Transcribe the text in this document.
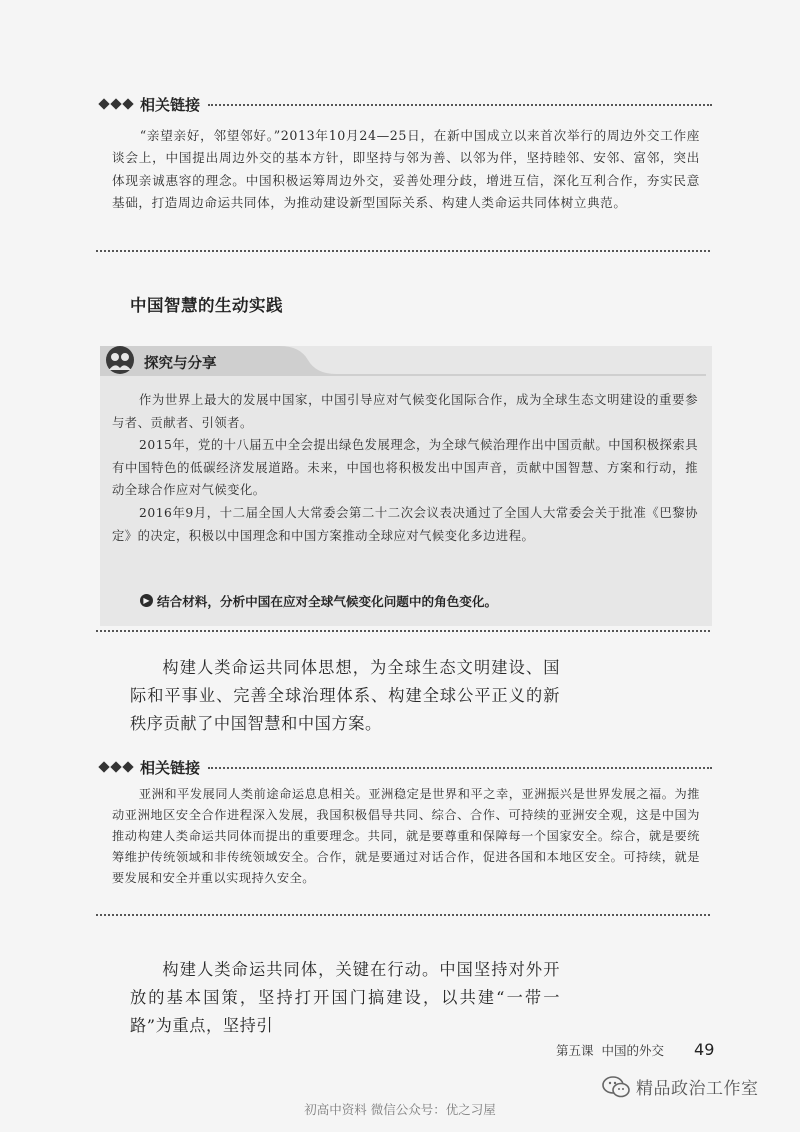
相关链接

“亲望亲好，邻望邻好。”2013年10月24—25日，在新中国成立以来首次举行的周边外交工作座谈会上，中国提出周边外交的基本方针，即坚持与邻为善、以邻为伴，坚持睦邻、安邻、富邻，突出体现亲诚惠容的理念。中国积极运筹周边外交，妥善处理分歧，增进互信，深化互利合作，夯实民意基础，打造周边命运共同体，为推动建设新型国际关系、构建人类命运共同体树立典范。

中国智慧的生动实践
探究与分享

作为世界上最大的发展中国家，中国引导应对气候变化国际合作，成为全球生态文明建设的重要参与者、贡献者、引领者。

2015年，党的十八届五中全会提出绿色发展理念，为全球气候治理作出中国贡献。中国积极探索具有中国特色的低碳经济发展道路。未来，中国也将积极发出中国声音，贡献中国智慧、方案和行动，推动全球合作应对气候变化。

2016年9月，十二届全国人大常委会第二十二次会议表决通过了全国人大常委会关于批准《巴黎协定》的决定，积极以中国理念和中国方案推动全球应对气候变化多边进程。

▶ 结合材料，分析中国在应对全球气候变化问题中的角色变化。

构建人类命运共同体思想，为全球生态文明建设、国际和平事业、完善全球治理体系、构建全球公平正义的新秩序贡献了中国智慧和中国方案。

相关链接

亚洲和平发展同人类前途命运息息相关。亚洲稳定是世界和平之幸，亚洲振兴是世界发展之福。为推动亚洲地区安全合作进程深入发展，我国积极倡导共同、综合、合作、可持续的亚洲安全观，这是中国为推动构建人类命运共同体而提出的重要理念。共同，就是要尊重和保障每一个国家安全。综合，就是要统筹维护传统领域和非传统领域安全。合作，就是要通过对话合作，促进各国和本地区安全。可持续，就是要发展和安全并重以实现持久安全。

构建人类命运共同体，关键在行动。中国坚持对外开放的基本国策，坚持打开国门搞建设，以共建“一带一路”为重点，坚持引

第五课 中国的外交 49
精品政治工作室
初高中资料 微信公众号：优之习屋
